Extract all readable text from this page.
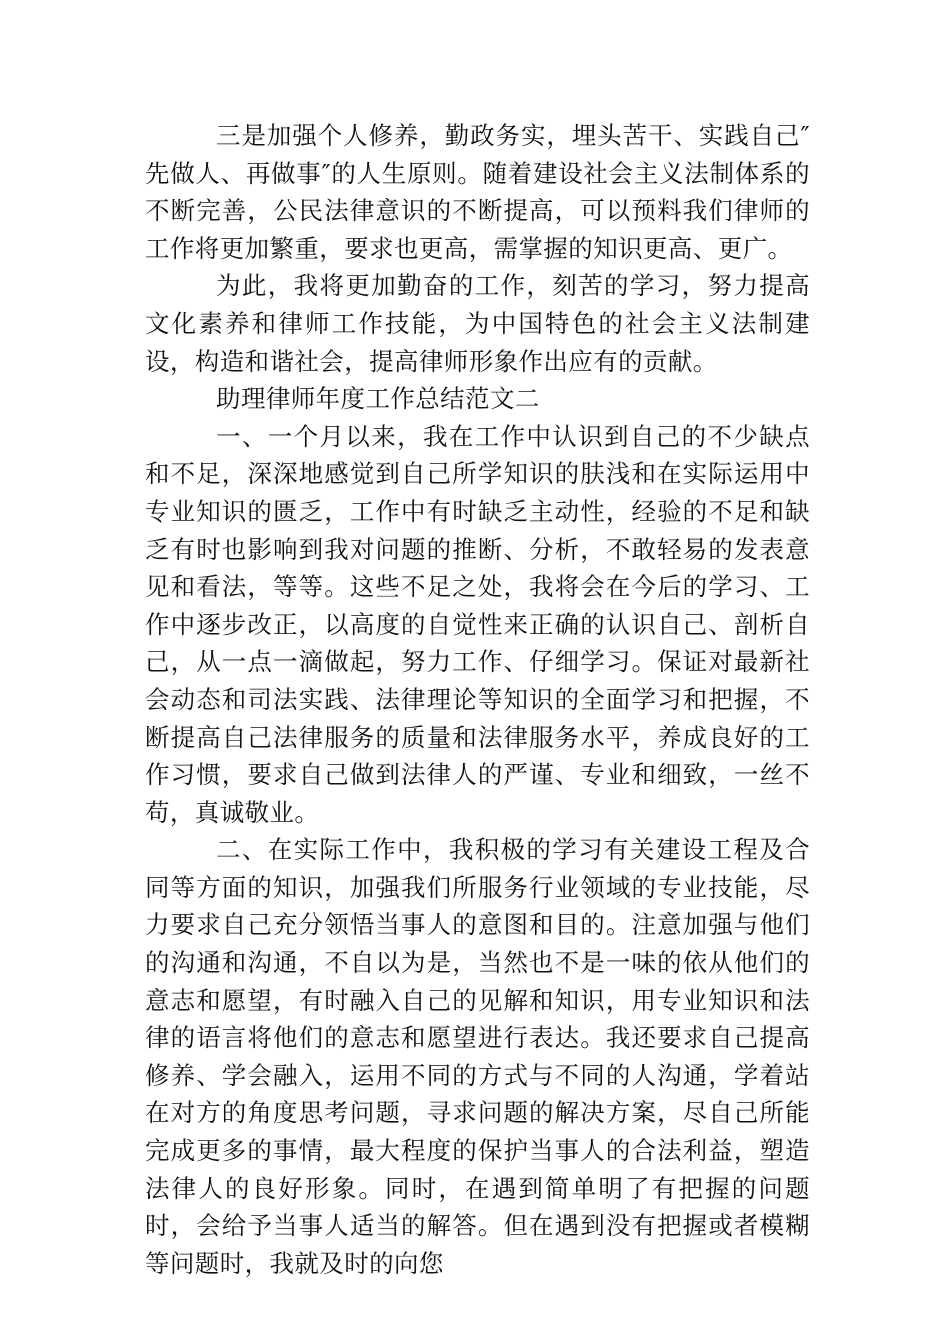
三是加强个人修养，勤政务实，埋头苦干、实践自己″先做人、再做事″的人生原则。随着建设社会主义法制体系的不断完善，公民法律意识的不断提高，可以预料我们律师的工作将更加繁重，要求也更高，需掌握的知识更高、更广。

为此，我将更加勤奋的工作，刻苦的学习，努力提高文化素养和律师工作技能，为中国特色的社会主义法制建设，构造和谐社会，提高律师形象作出应有的贡献。

助理律师年度工作总结范文二

一、一个月以来，我在工作中认识到自己的不少缺点和不足，深深地感觉到自己所学知识的肤浅和在实际运用中专业知识的匮乏，工作中有时缺乏主动性，经验的不足和缺乏有时也影响到我对问题的推断、分析，不敢轻易的发表意见和看法，等等。这些不足之处，我将会在今后的学习、工作中逐步改正，以高度的自觉性来正确的认识自己、剖析自己，从一点一滴做起，努力工作、仔细学习。保证对最新社会动态和司法实践、法律理论等知识的全面学习和把握，不断提高自己法律服务的质量和法律服务水平，养成良好的工作习惯，要求自己做到法律人的严谨、专业和细致，一丝不苟，真诚敬业。

二、在实际工作中，我积极的学习有关建设工程及合同等方面的知识，加强我们所服务行业领域的专业技能，尽力要求自己充分领悟当事人的意图和目的。注意加强与他们的沟通和沟通，不自以为是，当然也不是一味的依从他们的意志和愿望，有时融入自己的见解和知识，用专业知识和法律的语言将他们的意志和愿望进行表达。我还要求自己提高修养、学会融入，运用不同的方式与不同的人沟通，学着站在对方的角度思考问题，寻求问题的解决方案，尽自己所能完成更多的事情，最大程度的保护当事人的合法利益，塑造法律人的良好形象。同时，在遇到简单明了有把握的问题时，会给予当事人适当的解答。但在遇到没有把握或者模糊等问题时，我就及时的向您
